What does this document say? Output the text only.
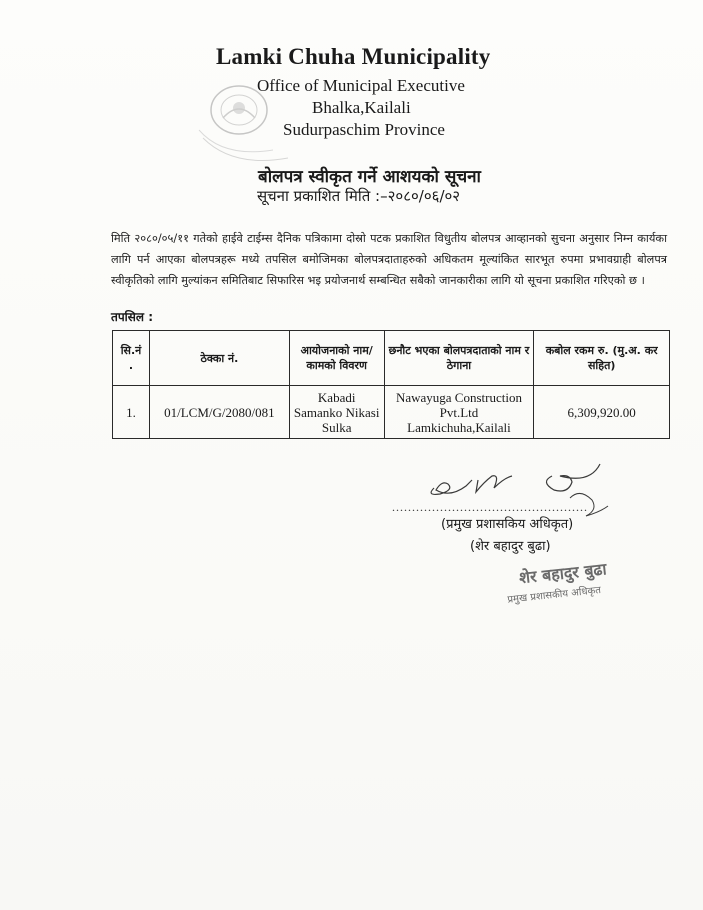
Lamki Chuha Municipality
Office of Municipal Executive
Bhalka,Kailali
Sudurpaschim Province
बोलपत्र स्वीकृत गर्ने आशयको सूचना
सूचना प्रकाशित मिति :–२०८०/०६/०२
मिति २०८०/०५/११ गतेको हाईवे टाईम्स दैनिक पत्रिकामा दोस्रो पटक प्रकाशित विधुतीय बोलपत्र आव्हानको सुचना अनुसार निम्न कार्यका लागि पर्न आएका बोलपत्रहरू मध्ये तपसिल बमोजिमका बोलपत्रदाताहरुको अधिकतम मूल्यांकित सारभूत रुपमा प्रभावग्राही बोलपत्र स्वीकृतिको लागि मुल्यांकन समितिबाट सिफारिस भइ प्रयोजनार्थ सम्बन्धित सबैको जानकारीका लागि यो सूचना प्रकाशित गरिएको छ ।
तपसिल :
सि.नं .	ठेक्का नं.	आयोजनाको नाम/कामको विवरण	छनौट भएका बोलपत्रदाताको नाम र ठेगाना	कबोल रकम रु. (मु.अ. कर सहित)
1.	01/LCM/G/2080/081	Kabadi Samanko Nikasi Sulka	Nawayuga Construction Pvt.Ltd Lamkichuha,Kailali	6,309,920.00
.................................................
(प्रमुख प्रशासकिय अधिकृत)
(शेर बहादुर बुढा)
शेर बहादुर बुढा
प्रमुख प्रशासकीय अधिकृत
